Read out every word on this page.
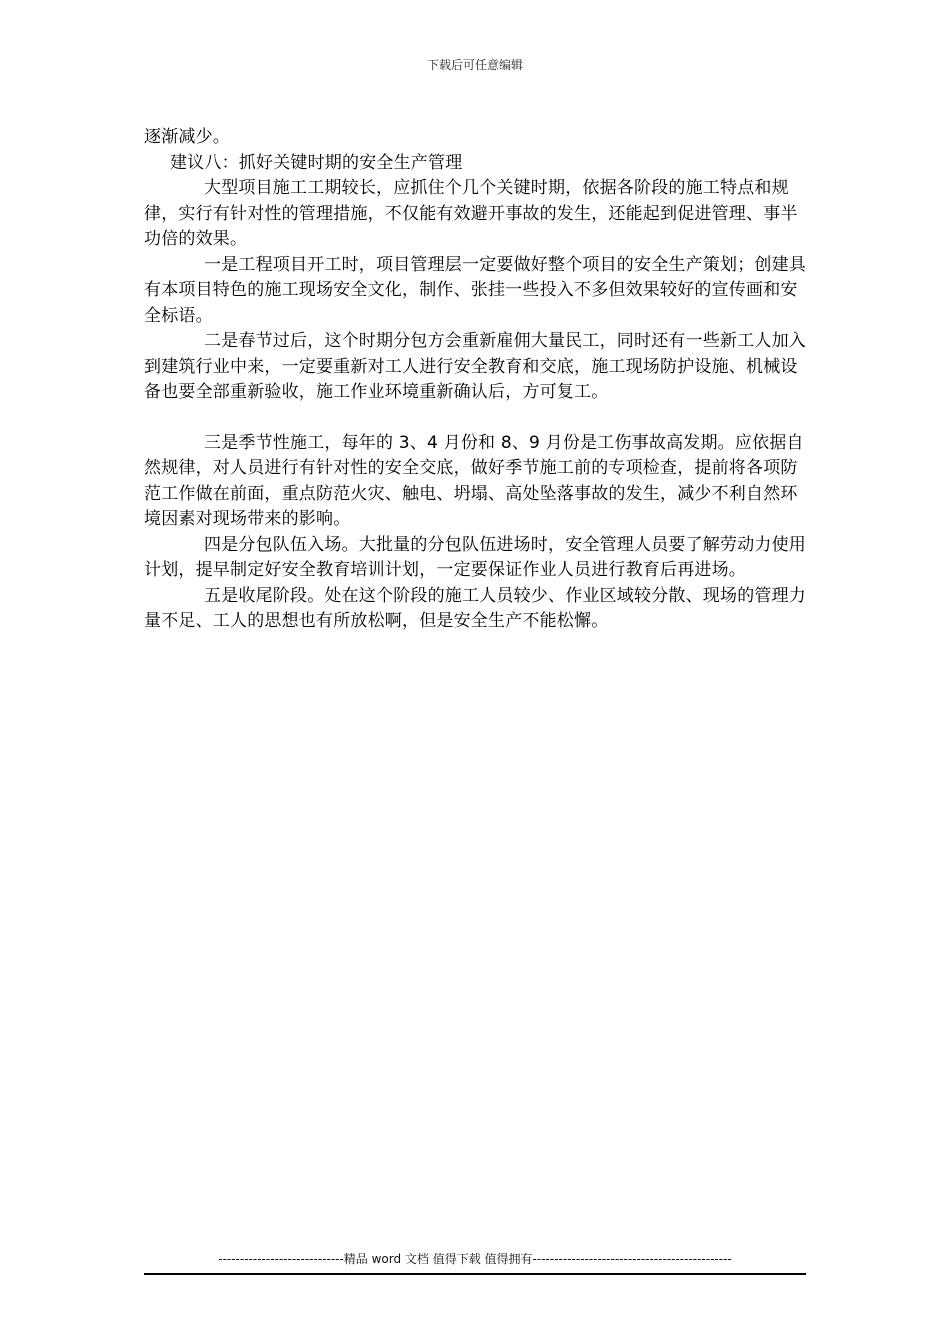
下载后可任意编辑

逐渐减少。

建议八：抓好关键时期的安全生产管理

大型项目施工工期较长，应抓住个几个关键时期，依据各阶段的施工特点和规律，实行有针对性的管理措施，不仅能有效避开事故的发生，还能起到促进管理、事半功倍的效果。

一是工程项目开工时，项目管理层一定要做好整个项目的安全生产策划；创建具有本项目特色的施工现场安全文化，制作、张挂一些投入不多但效果较好的宣传画和安全标语。

二是春节过后，这个时期分包方会重新雇佣大量民工，同时还有一些新工人加入到建筑行业中来，一定要重新对工人进行安全教育和交底，施工现场防护设施、机械设备也要全部重新验收，施工作业环境重新确认后，方可复工。

三是季节性施工，每年的 3、4 月份和 8、9 月份是工伤事故高发期。应依据自然规律，对人员进行有针对性的安全交底，做好季节施工前的专项检查，提前将各项防范工作做在前面，重点防范火灾、触电、坍塌、高处坠落事故的发生，减少不利自然环境因素对现场带来的影响。

四是分包队伍入场。大批量的分包队伍进场时，安全管理人员要了解劳动力使用计划，提早制定好安全教育培训计划，一定要保证作业人员进行教育后再进场。

五是收尾阶段。处在这个阶段的施工人员较少、作业区域较分散、现场的管理力量不足、工人的思想也有所放松啊，但是安全生产不能松懈。

-----------------------------精品 word 文档 值得下载 值得拥有----------------------------------------------
